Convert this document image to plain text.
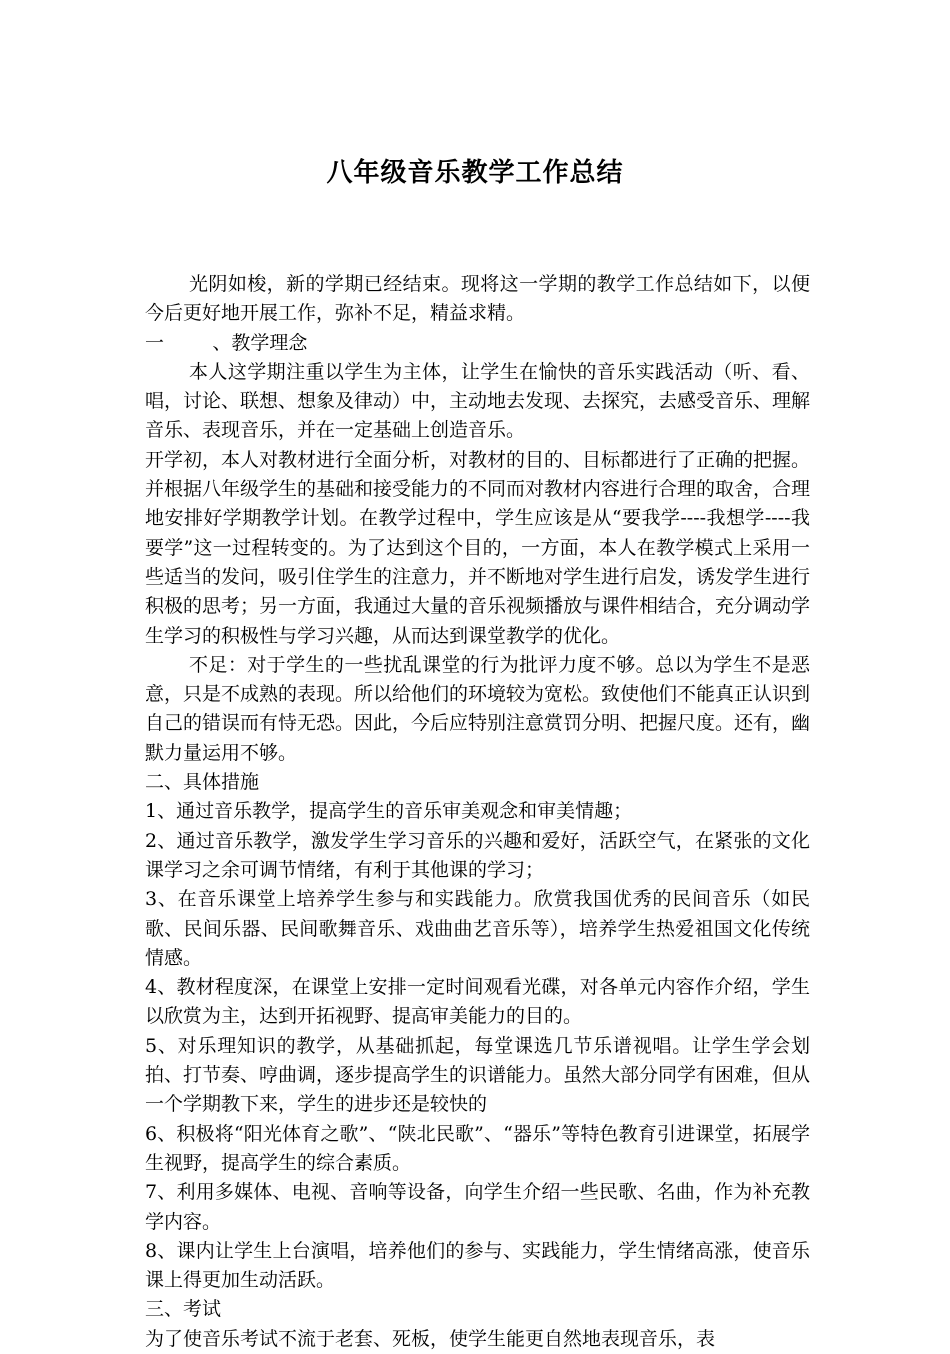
八年级音乐教学工作总结

光阴如梭，新的学期已经结束。现将这一学期的教学工作总结如下，以便今后更好地开展工作，弥补不足，精益求精。

一        、教学理念

本人这学期注重以学生为主体，让学生在愉快的音乐实践活动（听、看、唱，讨论、联想、想象及律动）中，主动地去发现、去探究，去感受音乐、理解音乐、表现音乐，并在一定基础上创造音乐。

开学初，本人对教材进行全面分析，对教材的目的、目标都进行了正确的把握。并根据八年级学生的基础和接受能力的不同而对教材内容进行合理的取舍，合理地安排好学期教学计划。在教学过程中，学生应该是从“要我学----我想学----我要学”这一过程转变的。为了达到这个目的，一方面，本人在教学模式上采用一些适当的发问，吸引住学生的注意力，并不断地对学生进行启发，诱发学生进行积极的思考；另一方面，我通过大量的音乐视频播放与课件相结合，充分调动学生学习的积极性与学习兴趣，从而达到课堂教学的优化。

不足：对于学生的一些扰乱课堂的行为批评力度不够。总以为学生不是恶意，只是不成熟的表现。所以给他们的环境较为宽松。致使他们不能真正认识到自己的错误而有恃无恐。因此，今后应特别注意赏罚分明、把握尺度。还有，幽默力量运用不够。

二、具体措施

1、通过音乐教学，提高学生的音乐审美观念和审美情趣；

2、通过音乐教学，激发学生学习音乐的兴趣和爱好，活跃空气，在紧张的文化课学习之余可调节情绪，有利于其他课的学习；

3、在音乐课堂上培养学生参与和实践能力。欣赏我国优秀的民间音乐（如民歌、民间乐器、民间歌舞音乐、戏曲曲艺音乐等），培养学生热爱祖国文化传统情感。

4、教材程度深，在课堂上安排一定时间观看光碟，对各单元内容作介绍，学生以欣赏为主，达到开拓视野、提高审美能力的目的。

5、对乐理知识的教学，从基础抓起，每堂课选几节乐谱视唱。让学生学会划拍、打节奏、哼曲调，逐步提高学生的识谱能力。虽然大部分同学有困难，但从一个学期教下来，学生的进步还是较快的

6、积极将“阳光体育之歌”、“陕北民歌”、“器乐”等特色教育引进课堂，拓展学生视野，提高学生的综合素质。

7、利用多媒体、电视、音响等设备，向学生介绍一些民歌、名曲，作为补充教学内容。

8、课内让学生上台演唱，培养他们的参与、实践能力，学生情绪高涨，使音乐课上得更加生动活跃。

三、考试

为了使音乐考试不流于老套、死板，使学生能更自然地表现音乐，表
